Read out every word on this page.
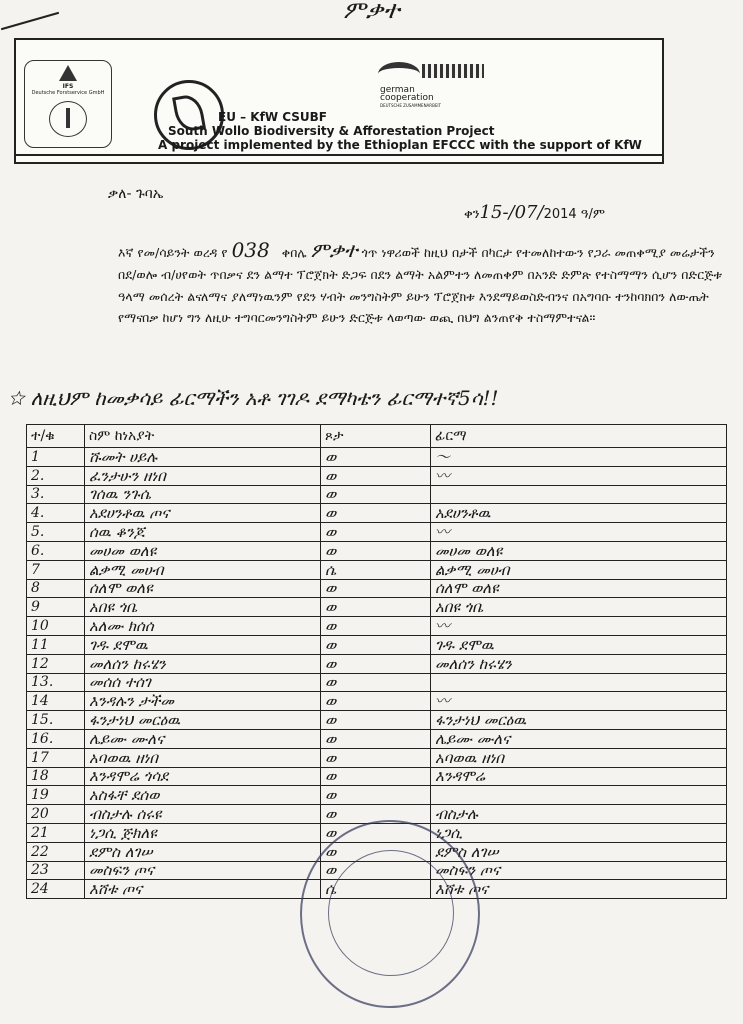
ምቃተ
IFS
Deutsche Forstservice GmbH
EU – KfW CSUBF
South Wollo Biodiversity & Afforestation Project
A project implemented by the Ethioplan EFCCC with the support of KfW
german
cooperation
DEUTSCHE ZUSAMMENARBEIT
ቃለ- ጉባኤ
ቀን15-/07/2014 ዓ/ም
እኛ የመ/ሳይንት ወረዳ የ 038 ቀበሌ ምቃተ ጎጥ ነዋሪወች ከዚህ በታች በካርታ የተመለከተውን የጋራ መጠቀሚያ መሬታችን በደ/ወሎ ብ/ሀየወት ጥበቃና ደን ልማተ ፕሮጀክት ድጋፍ በደን ልማት አልምተን ለመጠቀም በአንድ ድምጽ የተስማማን ሲሆን በድርጅቱ ዓላማ መሰረት ልናለማና ያለማነዉንም የደን ሃብት መንግስትም ይሁን ፕሮጀክቱ እንደማይወስድብንና በአግባቡ ተንከባክበን ለውጤት የማናበቃ ከሆነ ግን ለዚሁ ተግባርመንግስትም ይሁን ድርጅቱ ላወጣው ወጪ በህግ ልንጠየቅ ተስማምተናል።
☆ ለዚህም ከመቃሳይ ፊርማችን አቶ ገገዶ ደማካቴን ፊርማተኛ5ሳ!!
ተ/ቁ	ስም ከነአያት	ጾታ	ፊርማ
1	ሹመት ሀይሉ	ወ	〜
2.	ፈንታሁን ዘነበ	ወ	〰
3.	ገሰዉ ንጉሴ	ወ	
4.	አደሀንቶዉ ጦና	ወ	አደሀንቶዉ
5.	ሰዉ ቆንጆ	ወ	〰
6.	መሀመ ወለዩ	ወ	መሀመ ወለዩ
7	ልቃሚ መሀብ	ሴ	ልቃሚ መሀብ
8	ሰለሞ ወለዩ	ወ	ሰለሞ ወለዩ
9	አበዩ ጎቤ	ወ	አበዩ ጎቤ
10	አለሙ ክሰሰ	ወ	〰
11	ገዱ ደሞዉ	ወ	ገዱ ደሞዉ
12	መለሰን ከሩሄን	ወ	መለሰን ከሩሄን
13.	መሰሰ ተሰገ	ወ	
14	እንዳሉን ታችመ	ወ	〰
15.	ፋንታነህ መርዕዉ	ወ	ፋንታነህ መርዕዉ
16.	ሌይሙ ሙለና	ወ	ሌይሙ ሙለና
17	አባወዉ ዘነበ	ወ	አባወዉ ዘነበ
18	እንዳሞሬ ጎሳደ	ወ	እንዳሞሬ
19	አስፋቸ ደሰወ	ወ	
20	ብስታሉ ሰሩዩ	ወ	ብስታሉ
21	ነጋሲ ጅክለዩ	ወ	ነጋሲ
22	ደምስ ለገሠ	ወ	ደምስ ለገሠ
23	መስፍን ጦና	ወ	መስፍን ጦና
24	እሸቱ ጦና	ሴ	እሸቱ ጦና
